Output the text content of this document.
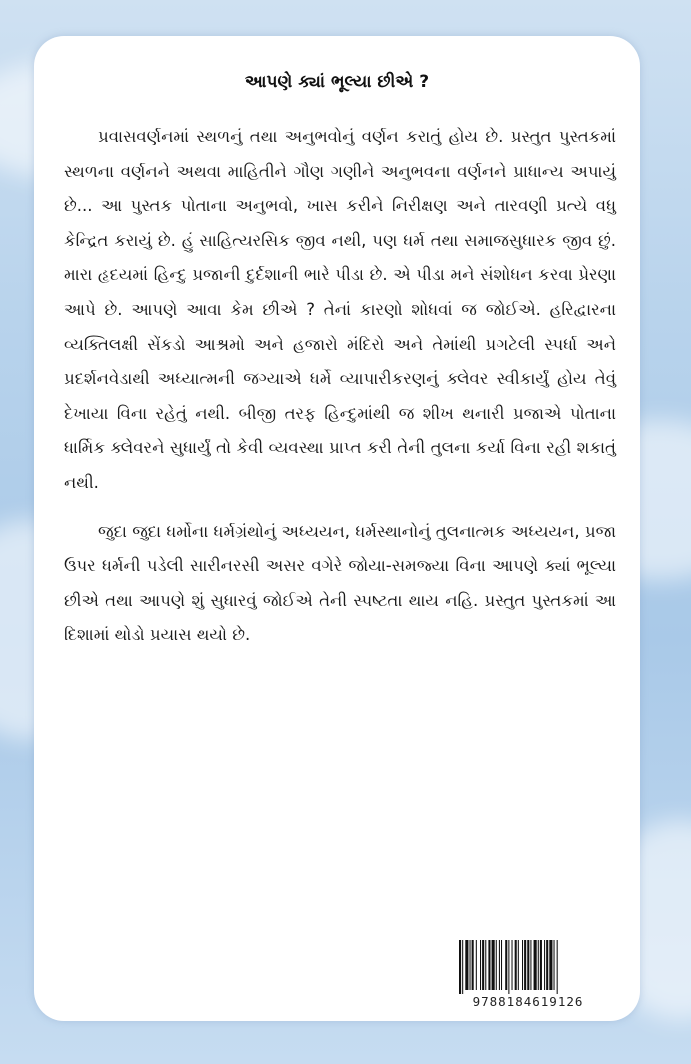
આપણે ક્યાં ભૂલ્યા છીએ ?

પ્રવાસવર્ણનમાં સ્થળનું તથા અનુભવોનું વર્ણન કરાતું હોય છે. પ્રસ્તુત પુસ્તકમાં સ્થળના વર્ણનને અથવા માહિતીને ગૌણ ગણીને અનુભવના વર્ણનને પ્રાધાન્ય અપાયું છે... આ પુસ્તક પોતાના અનુભવો, ખાસ કરીને નિરીક્ષણ અને તારવણી પ્રત્યે વધુ કેન્દ્રિત કરાયું છે. હું સાહિત્યરસિક જીવ નથી, પણ ધર્મ તથા સમાજસુધારક જીવ છું. મારા હૃદયમાં હિન્દુ પ્રજાની દુર્દશાની ભારે પીડા છે. એ પીડા મને સંશોધન કરવા પ્રેરણા આપે છે. આપણે આવા કેમ છીએ ? તેનાં કારણો શોધવાં જ જોઈએ. હરિદ્વારના વ્યક્તિલક્ષી સેંકડો આશ્રમો અને હજારો મંદિરો અને તેમાંથી પ્રગટેલી સ્પર્ધા અને પ્રદર્શનવેડાથી અધ્યાત્મની જગ્યાએ ધર્મે વ્યાપારીકરણનું ક્લેવર સ્વીકાર્યું હોય તેવું દેખાયા વિના રહેતું નથી. બીજી તરફ હિન્દુમાંથી જ શીખ થનારી પ્રજાએ પોતાના ધાર્મિક ક્લેવરને સુધાર્યું તો કેવી વ્યવસ્થા પ્રાપ્ત કરી તેની તુલના કર્યા વિના રહી શકાતું નથી.

જુદા જુદા ધર્મોના ધર્મગ્રંથોનું અધ્યયન, ધર્મસ્થાનોનું તુલનાત્મક અધ્યયન, પ્રજા ઉપર ધર્મની પડેલી સારીનરસી અસર વગેરે જોયા-સમજ્યા વિના આપણે ક્યાં ભૂલ્યા છીએ તથા આપણે શું સુધારવું જોઈએ તેની સ્પષ્ટતા થાય નહિ. પ્રસ્તુત પુસ્તકમાં આ દિશામાં થોડો પ્રયાસ થયો છે.

9788184619126
